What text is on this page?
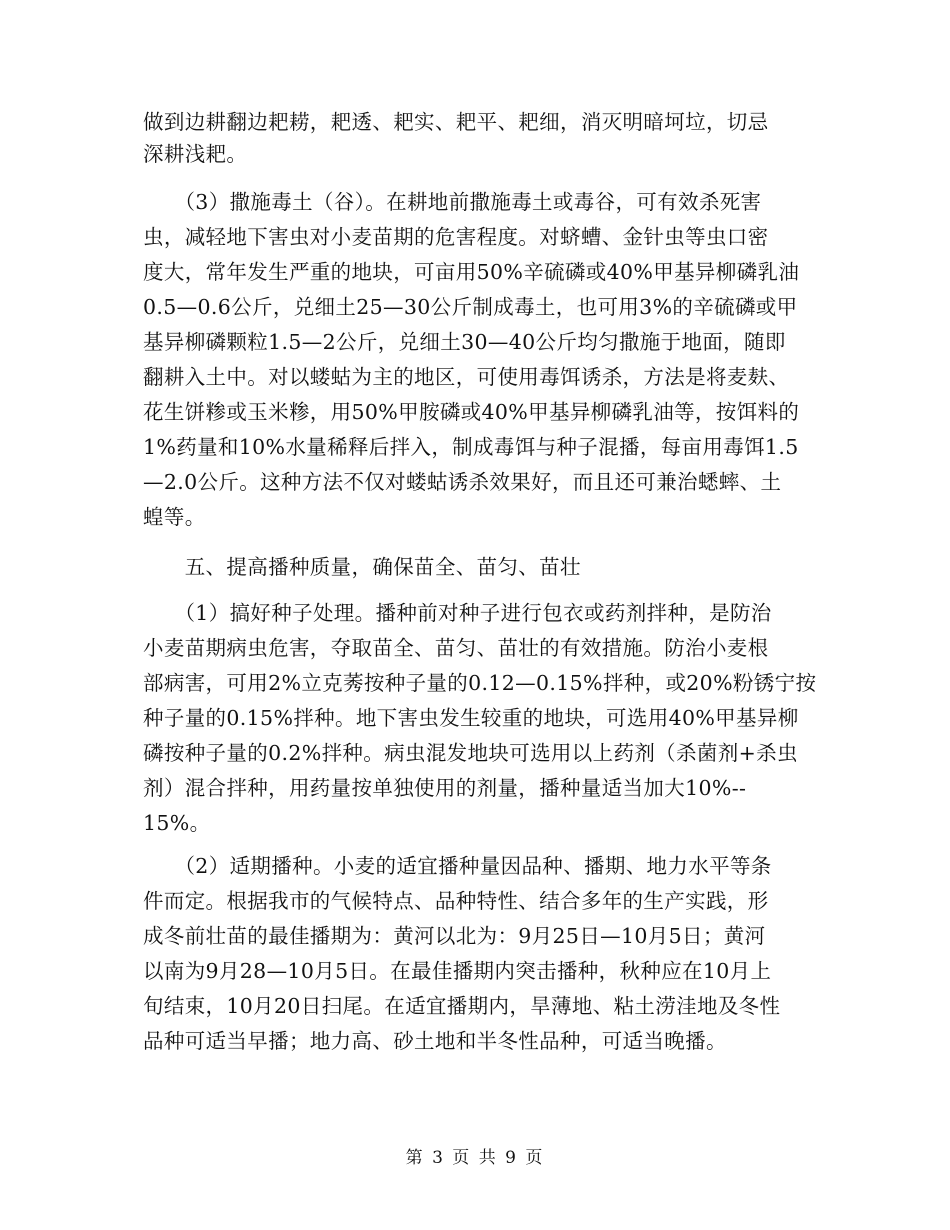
做到边耕翻边耙耢，耙透、耙实、耙平、耙细，消灭明暗坷垃，切忌
深耕浅耙。
　　（3）撒施毒土（谷）。在耕地前撒施毒土或毒谷，可有效杀死害
虫，减轻地下害虫对小麦苗期的危害程度。对蛴螬、金针虫等虫口密
度大，常年发生严重的地块，可亩用50%辛硫磷或40%甲基异柳磷乳油
0.5—0.6公斤，兑细土25—30公斤制成毒土，也可用3%的辛硫磷或甲
基异柳磷颗粒1.5—2公斤，兑细土30—40公斤均匀撒施于地面，随即
翻耕入土中。对以蝼蛄为主的地区，可使用毒饵诱杀，方法是将麦麸、
花生饼糁或玉米糁，用50%甲胺磷或40%甲基异柳磷乳油等，按饵料的
1%药量和10%水量稀释后拌入，制成毒饵与种子混播，每亩用毒饵1.5
—2.0公斤。这种方法不仅对蝼蛄诱杀效果好，而且还可兼治蟋蟀、土
蝗等。
　　五、提高播种质量，确保苗全、苗匀、苗壮
　　（1）搞好种子处理。播种前对种子进行包衣或药剂拌种，是防治
小麦苗期病虫危害，夺取苗全、苗匀、苗壮的有效措施。防治小麦根
部病害，可用2%立克莠按种子量的0.12—0.15%拌种，或20%粉锈宁按
种子量的0.15%拌种。地下害虫发生较重的地块，可选用40%甲基异柳
磷按种子量的0.2%拌种。病虫混发地块可选用以上药剂（杀菌剂+杀虫
剂）混合拌种，用药量按单独使用的剂量，播种量适当加大10%--
15%。
　　（2）适期播种。小麦的适宜播种量因品种、播期、地力水平等条
件而定。根据我市的气候特点、品种特性、结合多年的生产实践，形
成冬前壮苗的最佳播期为：黄河以北为：9月25日—10月5日；黄河
以南为9月28—10月5日。在最佳播期内突击播种，秋种应在10月上
旬结束，10月20日扫尾。在适宜播期内，旱薄地、粘土涝洼地及冬性
品种可适当早播；地力高、砂土地和半冬性品种，可适当晚播。
第 3 页 共 9 页
